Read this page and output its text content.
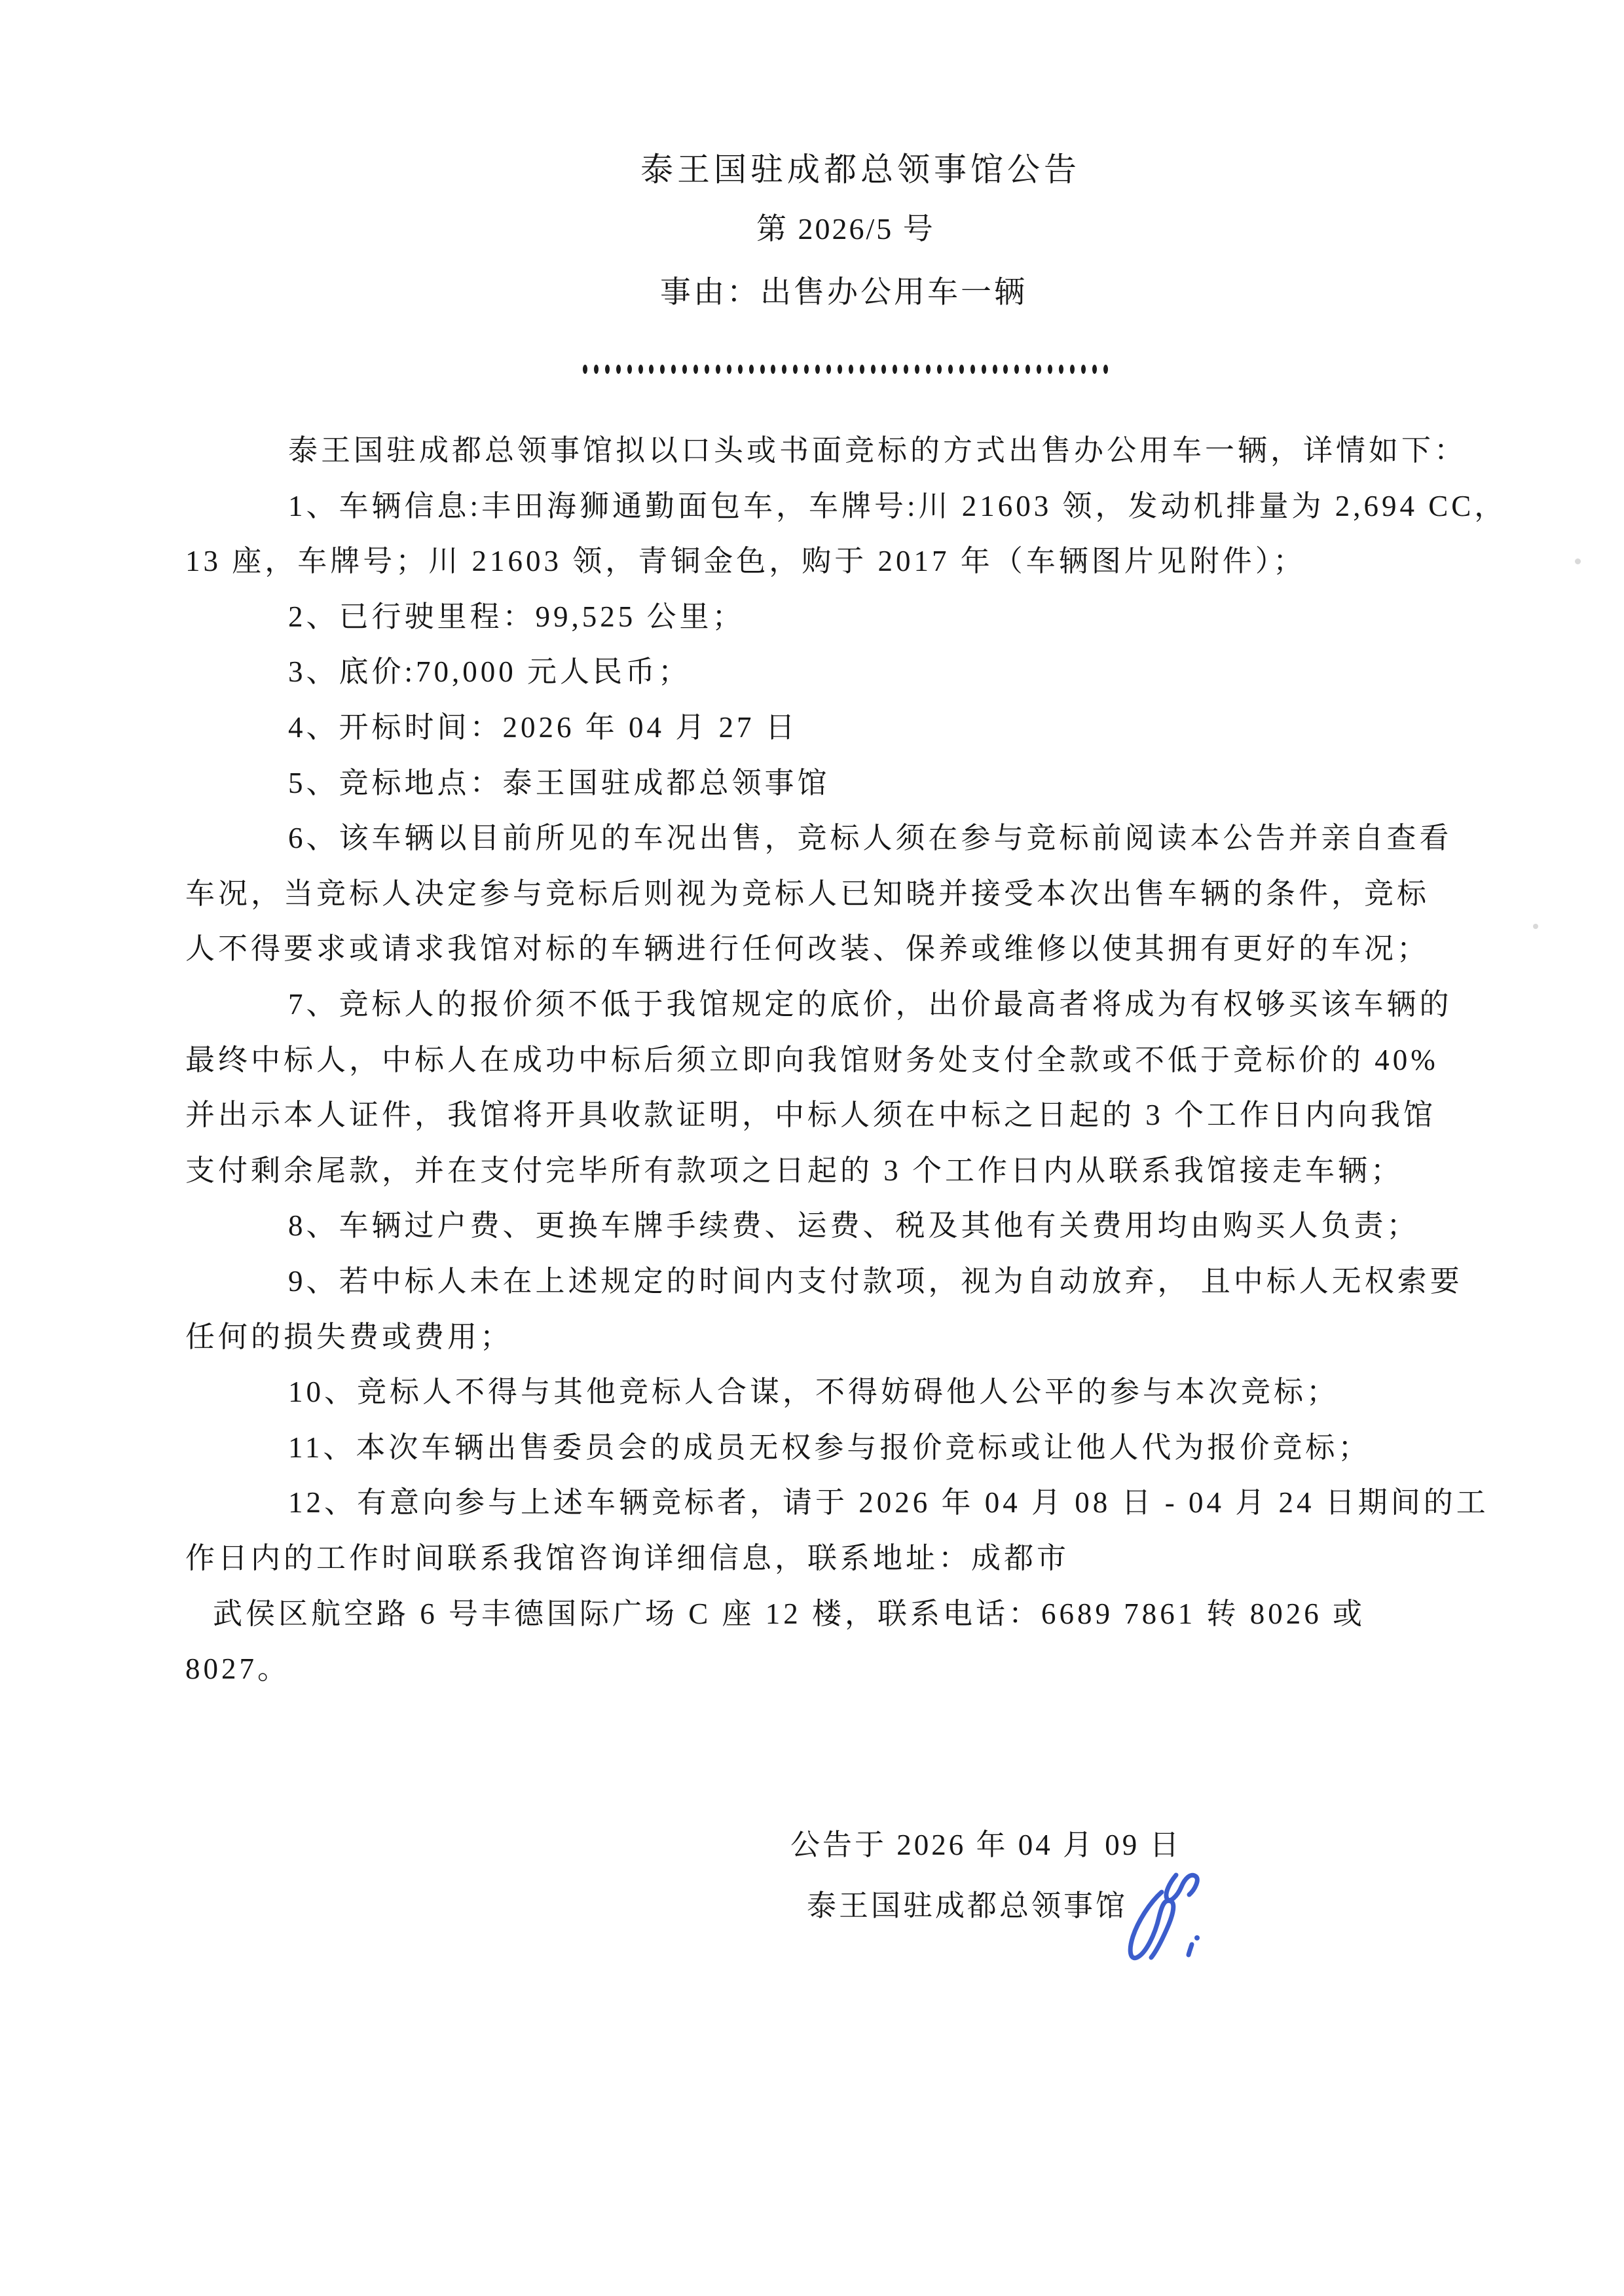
泰王国驻成都总领事馆公告
第 2026/5 号
事由：出售办公用车一辆
泰王国驻成都总领事馆拟以口头或书面竞标的方式出售办公用车一辆，详情如下：
1、车辆信息:丰田海狮通勤面包车，车牌号:川 21603 领，发动机排量为 2,694 CC，
13 座，车牌号；川 21603 领，青铜金色，购于 2017 年（车辆图片见附件）；
2、已行驶里程：99,525 公里；
3、底价:70,000 元人民币；
4、开标时间：2026 年 04 月 27 日
5、竞标地点：泰王国驻成都总领事馆
6、该车辆以目前所见的车况出售，竞标人须在参与竞标前阅读本公告并亲自查看
车况，当竞标人决定参与竞标后则视为竞标人已知晓并接受本次出售车辆的条件，竞标
人不得要求或请求我馆对标的车辆进行任何改装、保养或维修以使其拥有更好的车况；
7、竞标人的报价须不低于我馆规定的底价，出价最高者将成为有权够买该车辆的
最终中标人，中标人在成功中标后须立即向我馆财务处支付全款或不低于竞标价的 40%
并出示本人证件，我馆将开具收款证明，中标人须在中标之日起的 3 个工作日内向我馆
支付剩余尾款，并在支付完毕所有款项之日起的 3 个工作日内从联系我馆接走车辆；
8、车辆过户费、更换车牌手续费、运费、税及其他有关费用均由购买人负责；
9、若中标人未在上述规定的时间内支付款项，视为自动放弃， 且中标人无权索要
任何的损失费或费用；
10、竞标人不得与其他竞标人合谋，不得妨碍他人公平的参与本次竞标；
11、本次车辆出售委员会的成员无权参与报价竞标或让他人代为报价竞标；
12、有意向参与上述车辆竞标者，请于 2026 年 04 月 08 日 - 04 月 24 日期间的工
作日内的工作时间联系我馆咨询详细信息，联系地址：成都市
武侯区航空路 6 号丰德国际广场 C 座 12 楼，联系电话：6689 7861 转 8026 或
8027。
公告于 2026 年 04 月 09 日
泰王国驻成都总领事馆
